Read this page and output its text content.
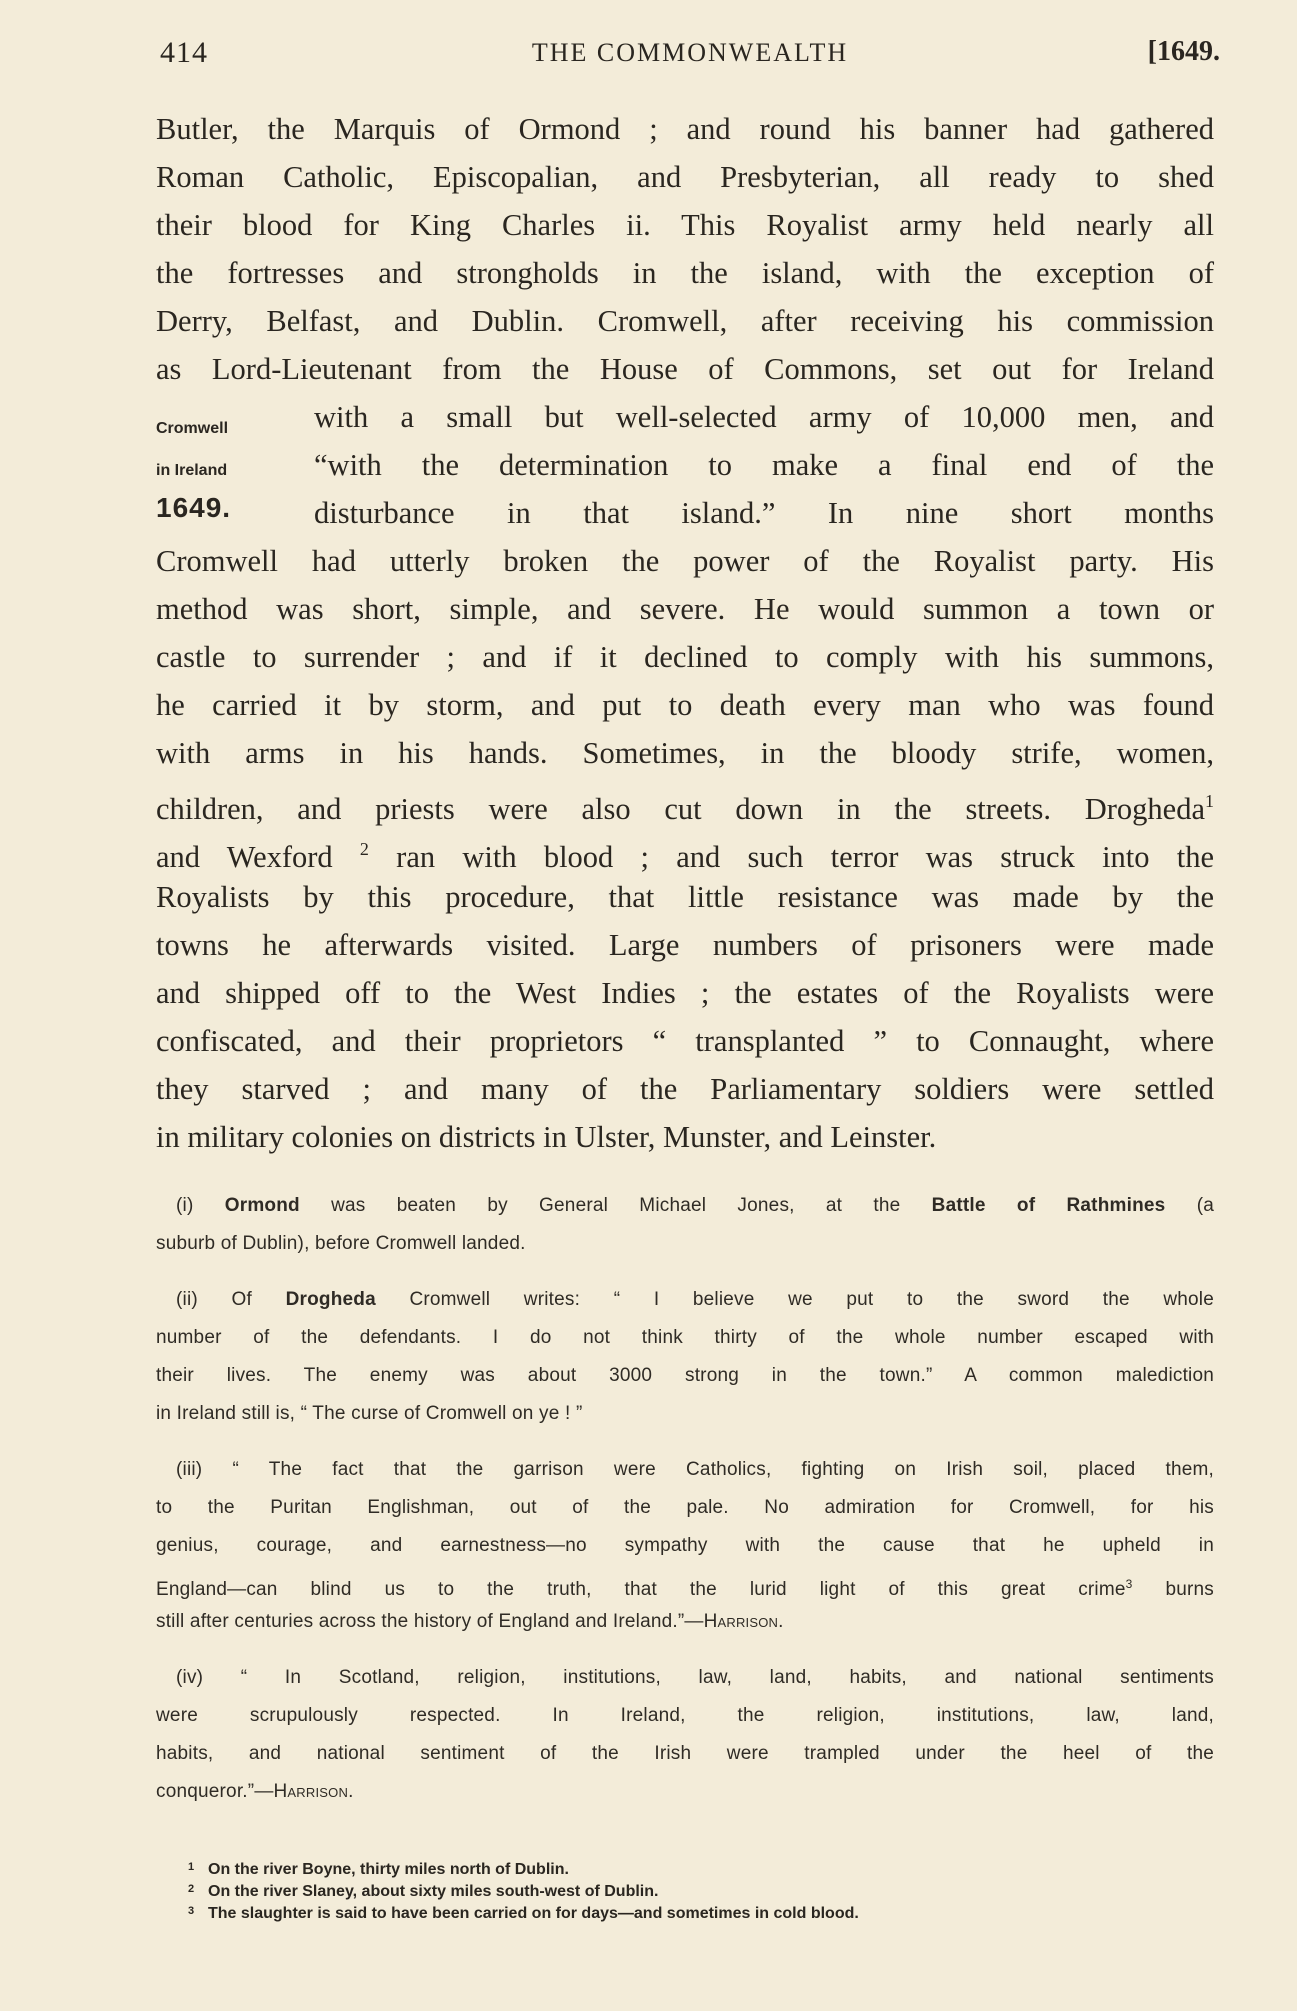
414	THE COMMONWEALTH	[1649.
Cromwell
in Ireland
1649.
Butler, the Marquis of Ormond ; and round his banner had gathered
Roman Catholic, Episcopalian, and Presbyterian, all ready to shed
their blood for King Charles ii. This Royalist army held nearly all
the fortresses and strongholds in the island, with the exception of
Derry, Belfast, and Dublin. Cromwell, after receiving his commission
as Lord-Lieutenant from the House of Commons, set out for Ireland
with a small but well-selected army of 10,000 men, and
“with the determination to make a final end of the
disturbance in that island.” In nine short months
Cromwell had utterly broken the power of the Royalist party. His
method was short, simple, and severe. He would summon a town or
castle to surrender ; and if it declined to comply with his summons,
he carried it by storm, and put to death every man who was found
with arms in his hands. Sometimes, in the bloody strife, women,
children, and priests were also cut down in the streets. Drogheda$^1$
and Wexford $^2$ ran with blood ; and such terror was struck into the
Royalists by this procedure, that little resistance was made by the
towns he afterwards visited. Large numbers of prisoners were made
and shipped off to the West Indies ; the estates of the Royalists were
confiscated, and their proprietors “ transplanted ” to Connaught, where
they starved ; and many of the Parliamentary soldiers were settled
in military colonies on districts in Ulster, Munster, and Leinster.
(i) Ormond was beaten by General Michael Jones, at the Battle of Rathmines (a
suburb of Dublin), before Cromwell landed.
(ii) Of Drogheda Cromwell writes: “ I believe we put to the sword the whole
number of the defendants. I do not think thirty of the whole number escaped with
their lives. The enemy was about 3000 strong in the town.” A common malediction
in Ireland still is, “ The curse of Cromwell on ye ! ”
(iii) “ The fact that the garrison were Catholics, fighting on Irish soil, placed them,
to the Puritan Englishman, out of the pale. No admiration for Cromwell, for his
genius, courage, and earnestness—no sympathy with the cause that he upheld in
England—can blind us to the truth, that the lurid light of this great crime$^3$ burns
still after centuries across the history of England and Ireland.”—Harrison.
(iv) “ In Scotland, religion, institutions, law, land, habits, and national sentiments
were scrupulously respected. In Ireland, the religion, institutions, law, land,
habits, and national sentiment of the Irish were trampled under the heel of the
conqueror.”—Harrison.
1 On the river Boyne, thirty miles north of Dublin.
2 On the river Slaney, about sixty miles south-west of Dublin.
3 The slaughter is said to have been carried on for days—and sometimes in cold blood.
